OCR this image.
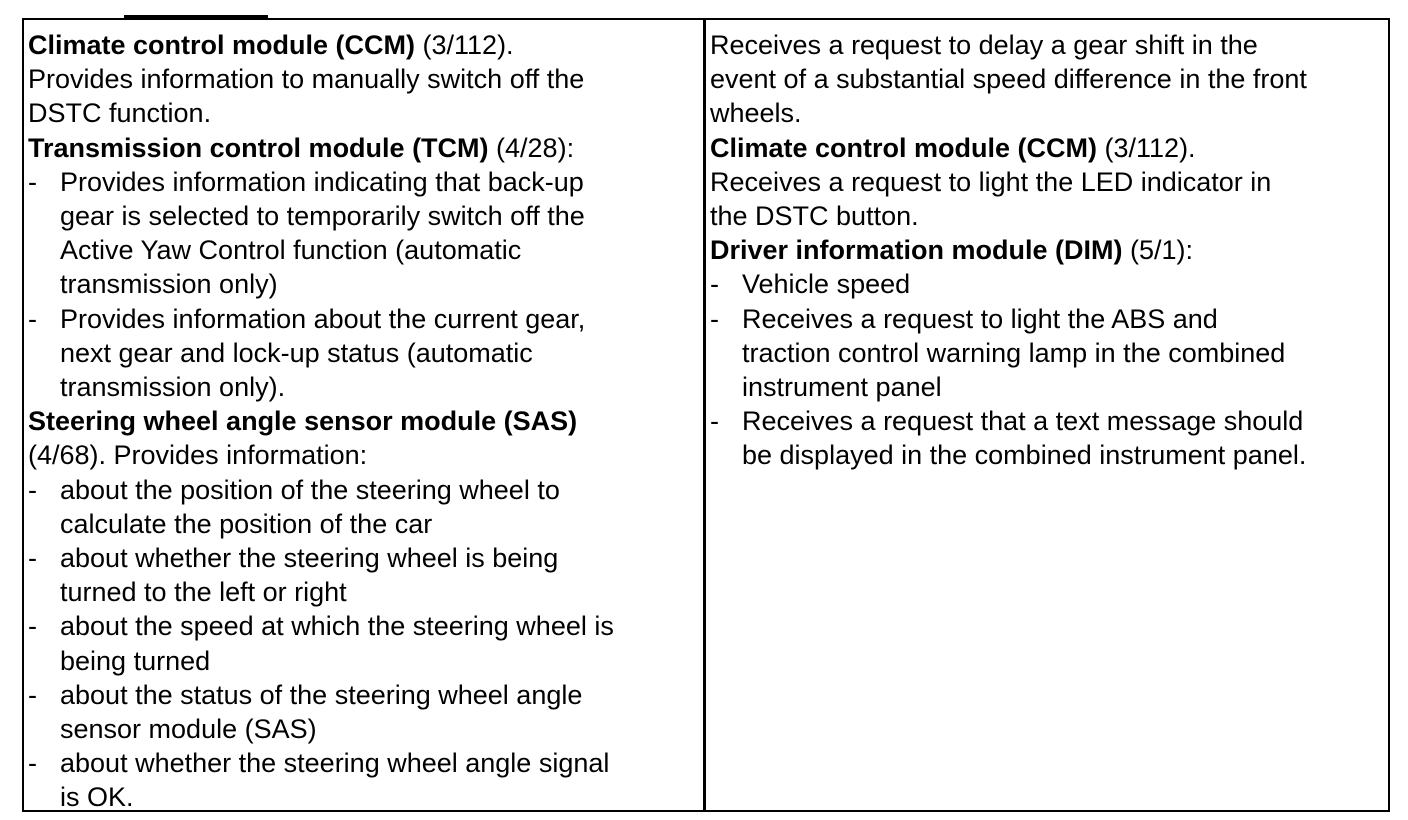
Climate control module (CCM) (3/112).
Provides information to manually switch off the
DSTC function.
Transmission control module (TCM) (4/28):
- Provides information indicating that back-up
gear is selected to temporarily switch off the
Active Yaw Control function (automatic
transmission only)
- Provides information about the current gear,
next gear and lock-up status (automatic
transmission only).
Steering wheel angle sensor module (SAS)
(4/68). Provides information:
- about the position of the steering wheel to
calculate the position of the car
- about whether the steering wheel is being
turned to the left or right
- about the speed at which the steering wheel is
being turned
- about the status of the steering wheel angle
sensor module (SAS)
- about whether the steering wheel angle signal
is OK.
Receives a request to delay a gear shift in the
event of a substantial speed difference in the front
wheels.
Climate control module (CCM) (3/112).
Receives a request to light the LED indicator in
the DSTC button.
Driver information module (DIM) (5/1):
- Vehicle speed
- Receives a request to light the ABS and
traction control warning lamp in the combined
instrument panel
- Receives a request that a text message should
be displayed in the combined instrument panel.
